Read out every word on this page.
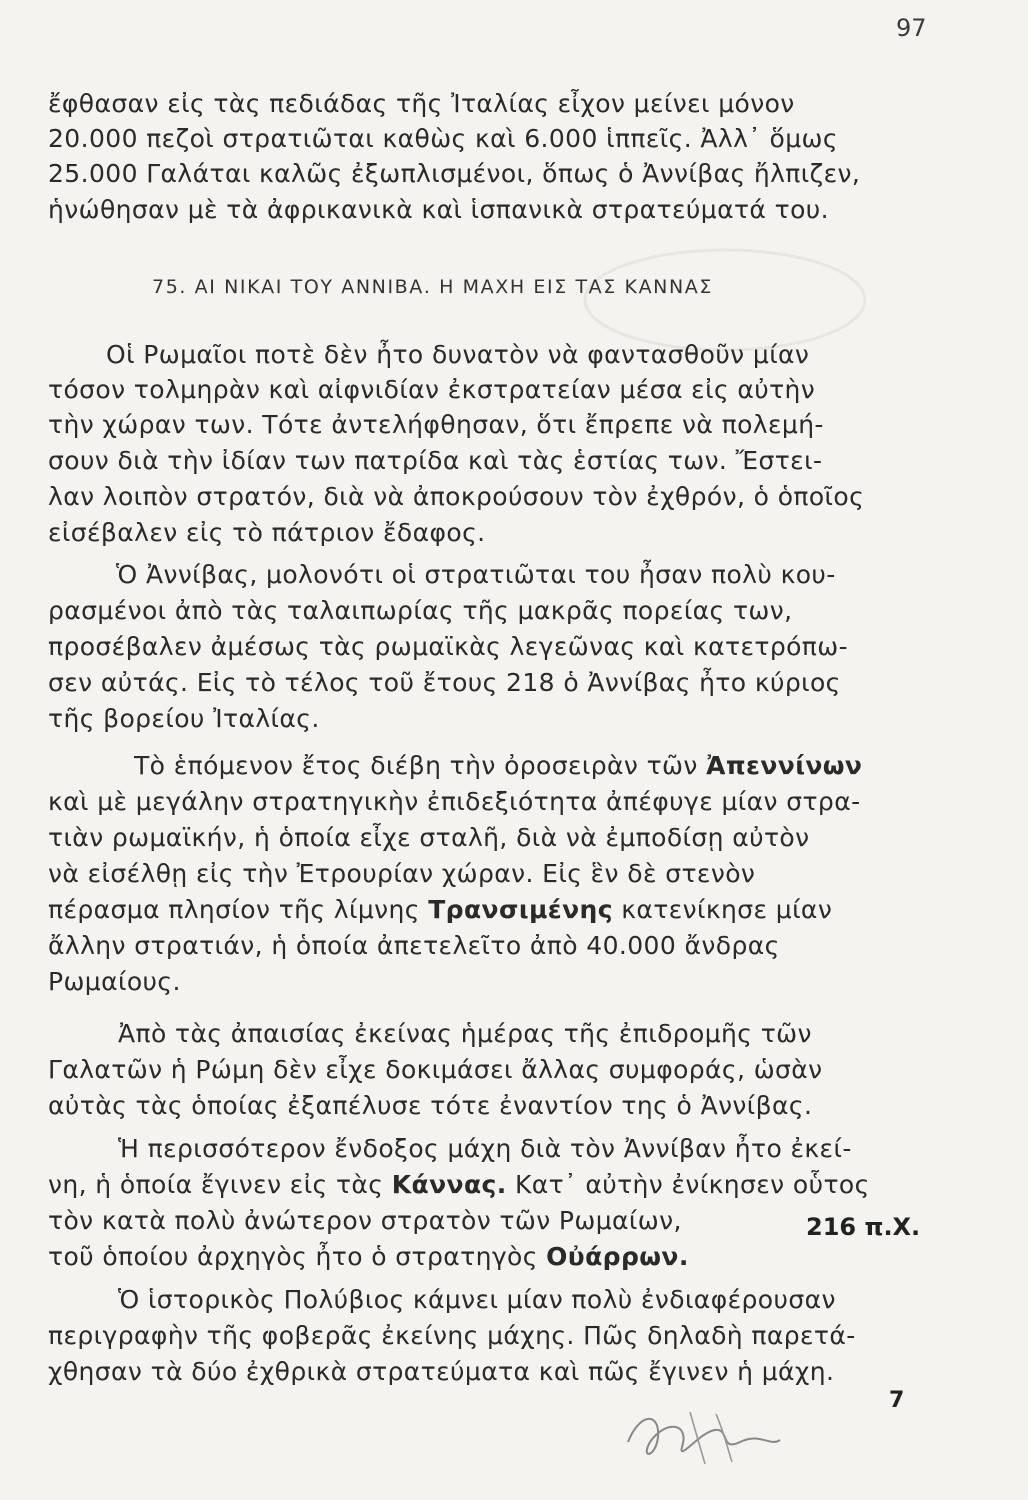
97
ἔφθασαν εἰς τὰς πεδιάδας τῆς Ἰταλίας εἶχον μείνει μόνον
20.000 πεζοὶ στρατιῶται καθὼς καὶ 6.000 ἱππεῖς. Ἀλλ᾿ ὅμως
25.000 Γαλάται καλῶς ἐξωπλισμένοι, ὅπως ὁ Ἀννίβας ἤλπιζεν,
ἡνώθησαν μὲ τὰ ἀφρικανικὰ καὶ ἱσπανικὰ στρατεύματά του.
75. ΑΙ ΝΙΚΑΙ ΤΟΥ ΑΝΝΙΒΑ. Η ΜΑΧΗ ΕΙΣ ΤΑΣ ΚΑΝΝΑΣ
Οἱ Ρωμαῖοι ποτὲ δὲν ἦτο δυνατὸν νὰ φαντασθοῦν μίαν
τόσον τολμηρὰν καὶ αἰφνιδίαν ἐκστρατείαν μέσα εἰς αὐτὴν
τὴν χώραν των. Τότε ἀντελήφθησαν, ὅτι ἔπρεπε νὰ πολεμή-
σουν διὰ τὴν ἰδίαν των πατρίδα καὶ τὰς ἑστίας των. Ἔστει-
λαν λοιπὸν στρατόν, διὰ νὰ ἀποκρούσουν τὸν ἐχθρόν, ὁ ὁποῖος
εἰσέβαλεν εἰς τὸ πάτριον ἔδαφος.
Ὁ Ἀννίβας, μολονότι οἱ στρατιῶται του ἦσαν πολὺ κου-
ρασμένοι ἀπὸ τὰς ταλαιπωρίας τῆς μακρᾶς πορείας των,
προσέβαλεν ἀμέσως τὰς ρωμαϊκὰς λεγεῶνας καὶ κατετρόπω-
σεν αὐτάς. Εἰς τὸ τέλος τοῦ ἔτους 218 ὁ Ἀννίβας ἦτο κύριος
τῆς βορείου Ἰταλίας.
Τὸ ἑπόμενον ἔτος διέβη τὴν ὀροσειρὰν τῶν Ἀπεννίνων
καὶ μὲ μεγάλην στρατηγικὴν ἐπιδεξιότητα ἀπέφυγε μίαν στρα-
τιὰν ρωμαϊκήν, ἡ ὁποία εἶχε σταλῆ, διὰ νὰ ἐμποδίσῃ αὐτὸν
νὰ εἰσέλθῃ εἰς τὴν Ἐτρουρίαν χώραν. Εἰς ἓν δὲ στενὸν
πέρασμα πλησίον τῆς λίμνης Τρανσιμένης κατενίκησε μίαν
ἄλλην στρατιάν, ἡ ὁποία ἀπετελεῖτο ἀπὸ 40.000 ἄνδρας
Ρωμαίους.
Ἀπὸ τὰς ἀπαισίας ἐκείνας ἡμέρας τῆς ἐπιδρομῆς τῶν
Γαλατῶν ἡ Ρώμη δὲν εἶχε δοκιμάσει ἄλλας συμφοράς, ὡσὰν
αὐτὰς τὰς ὁποίας ἐξαπέλυσε τότε ἐναντίον της ὁ Ἀννίβας.
Ἡ περισσότερον ἔνδοξος μάχη διὰ τὸν Ἀννίβαν ἦτο ἐκεί-
νη, ἡ ὁποία ἔγινεν εἰς τὰς Κάννας. Κατ᾿ αὐτὴν ἐνίκησεν οὗτος
τὸν κατὰ πολὺ ἀνώτερον στρατὸν τῶν Ρωμαίων,
τοῦ ὁποίου ἀρχηγὸς ἦτο ὁ στρατηγὸς Οὐάρρων.
216 π.Χ.
Ὁ ἱστορικὸς Πολύβιος κάμνει μίαν πολὺ ἐνδιαφέρουσαν
περιγραφὴν τῆς φοβερᾶς ἐκείνης μάχης. Πῶς δηλαδὴ παρετά-
χθησαν τὰ δύο ἐχθρικὰ στρατεύματα καὶ πῶς ἔγινεν ἡ μάχη.
7
